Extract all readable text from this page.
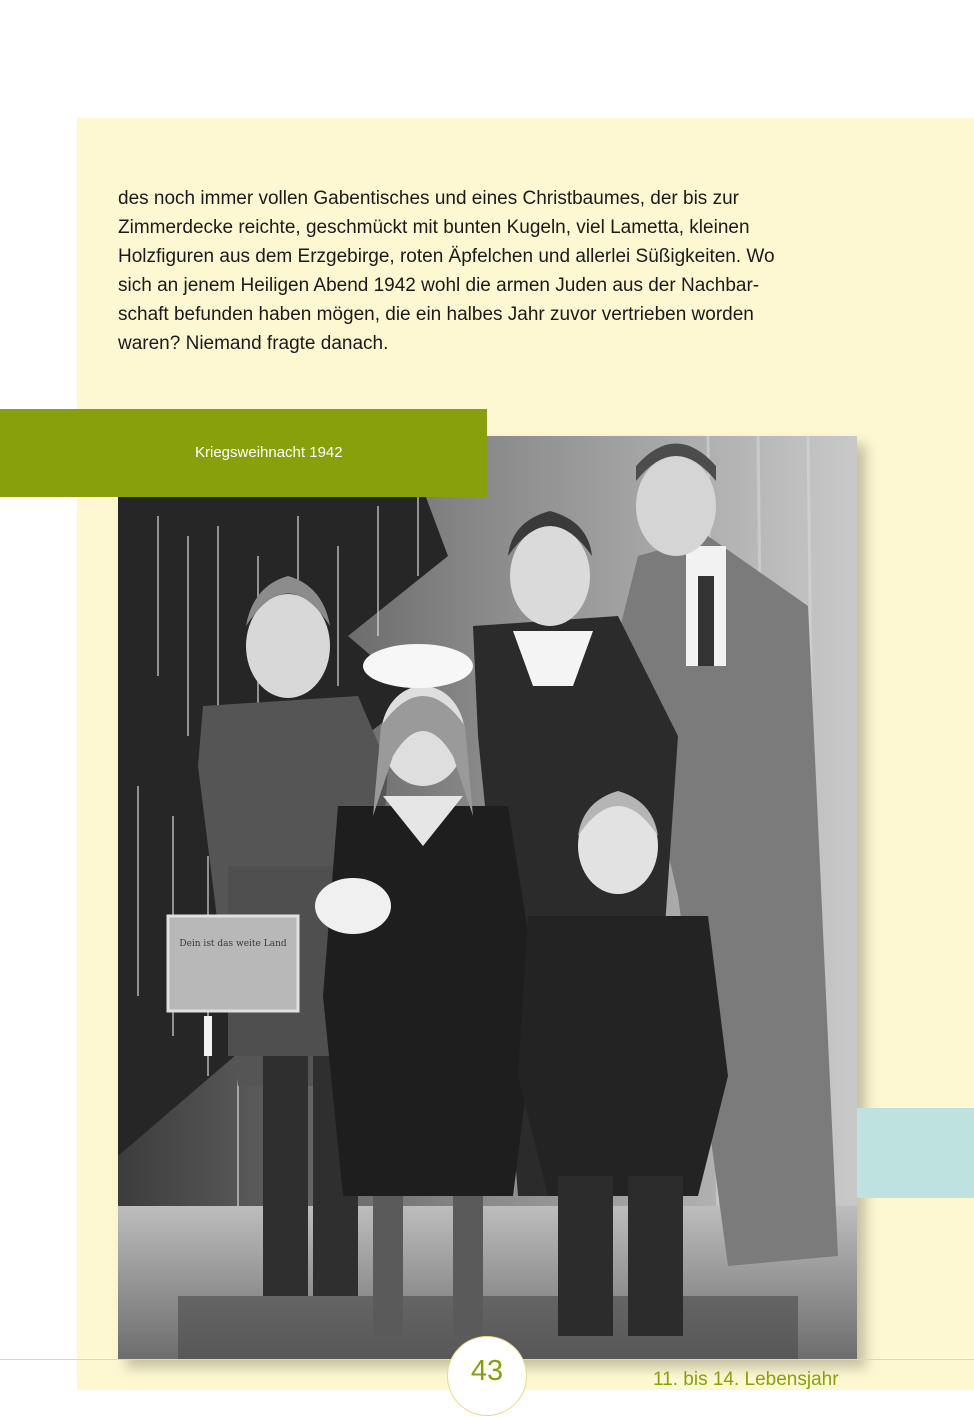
des noch immer vollen Gabentisches und eines Christbaumes, der bis zur
Zimmerdecke reichte, geschmückt mit bunten Kugeln, viel Lametta, kleinen
Holzfiguren aus dem Erzgebirge, roten Äpfelchen und allerlei Süßigkeiten. Wo
sich an jenem Heiligen Abend 1942 wohl die armen Juden aus der Nachbar-
schaft befunden haben mögen, die ein halbes Jahr zuvor vertrieben worden
waren? Niemand fragte danach.

Dein ist das weite Land
Kriegsweihnacht 1942
43	11. bis 14. Lebensjahr
